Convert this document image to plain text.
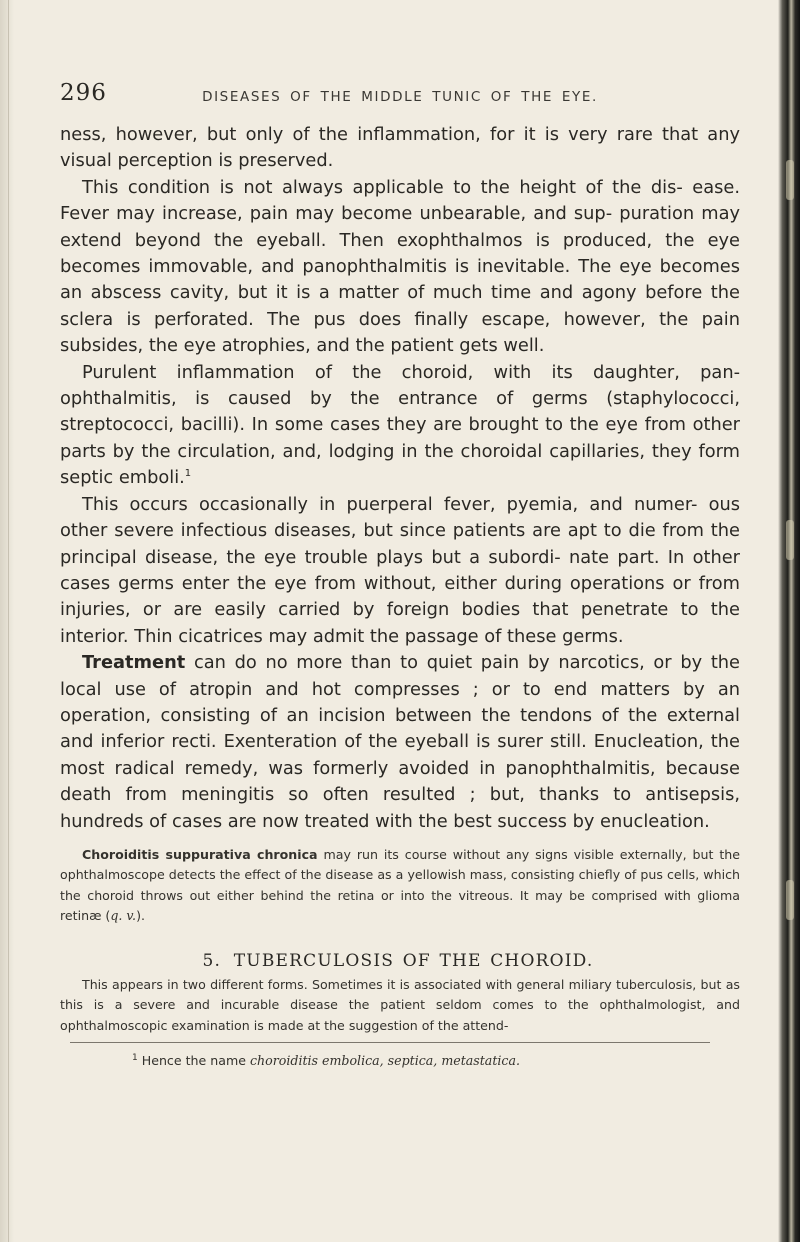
296	DISEASES OF THE MIDDLE TUNIC OF THE EYE.

ness, however, but only of the inflammation, for it is very rare that any visual perception is preserved.

This condition is not always applicable to the height of the dis- ease. Fever may increase, pain may become unbearable, and sup- puration may extend beyond the eyeball. Then exophthalmos is produced, the eye becomes immovable, and panophthalmitis is inevitable. The eye becomes an abscess cavity, but it is a matter of much time and agony before the sclera is perforated. The pus does finally escape, however, the pain subsides, the eye atrophies, and the patient gets well.

Purulent inflammation of the choroid, with its daughter, pan- ophthalmitis, is caused by the entrance of germs (staphylococci, streptococci, bacilli). In some cases they are brought to the eye from other parts by the circulation, and, lodging in the choroidal capillaries, they form septic emboli.$^1$

This occurs occasionally in puerperal fever, pyemia, and numer- ous other severe infectious diseases, but since patients are apt to die from the principal disease, the eye trouble plays but a subordi- nate part. In other cases germs enter the eye from without, either during operations or from injuries, or are easily carried by foreign bodies that penetrate to the interior. Thin cicatrices may admit the passage of these germs.

Treatment can do no more than to quiet pain by narcotics, or by the local use of atropin and hot compresses ; or to end matters by an operation, consisting of an incision between the tendons of the external and inferior recti. Exenteration of the eyeball is surer still. Enucleation, the most radical remedy, was formerly avoided in panophthalmitis, because death from meningitis so often resulted ; but, thanks to antisepsis, hundreds of cases are now treated with the best success by enucleation.

Choroiditis suppurativa chronica may run its course without any signs visible externally, but the ophthalmoscope detects the effect of the disease as a yellowish mass, consisting chiefly of pus cells, which the choroid throws out either behind the retina or into the vitreous. It may be comprised with glioma retinæ (q. v.).

5. TUBERCULOSIS OF THE CHOROID.

This appears in two different forms. Sometimes it is associated with general miliary tuberculosis, but as this is a severe and incurable disease the patient seldom comes to the ophthalmologist, and ophthalmoscopic examination is made at the suggestion of the attend-

$^1$ Hence the name choroiditis embolica, septica, metastatica.
